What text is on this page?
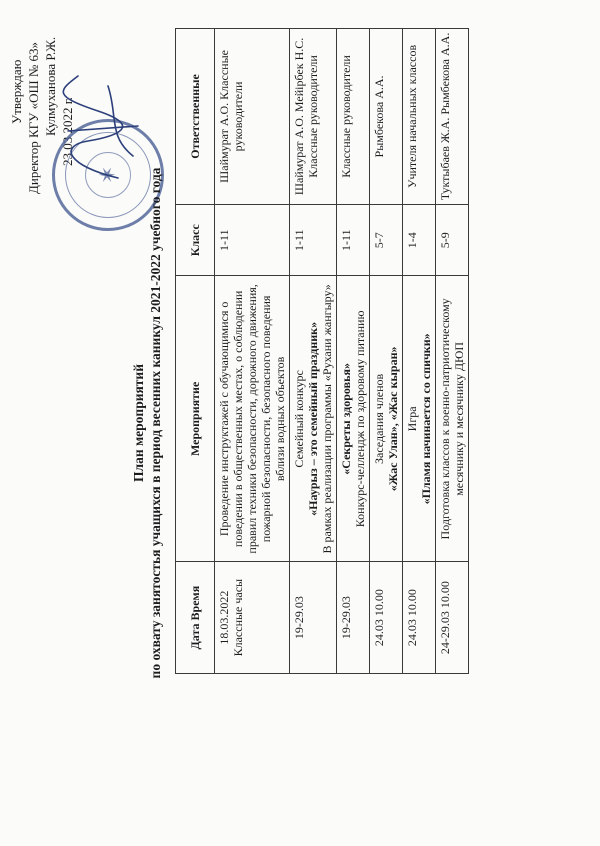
Утверждаю Директор КГУ «ОШ № 63» Кулмуханова Р.Ж. 23 03 2022 г.
✶
План мероприятий по охвату занятостья учащихся в период весенних каникул 2021-2022 учебного года Дата Время	Мероприятие	Класс	Ответственные
18.03.2022 Классные часы	Проведение инструктажей с обучающимися о поведении в общественных местах, о соблюдении правил техники безопасности, дорожного движения, пожарной безопасности, безопасного поведения вблизи водных объектов	1-11	Шаймурат А.О. Классные руководители
19-29.03	Семейный конкурс «Наурыз – это семейный праздник» В рамках реализации программы «Рухани жангыру»	1-11	Шаймурат А.О. Мейірбек Н.С. Классные руководители
19-29.03	«Секреты здоровья» Конкурс-челлендж по здоровому питанию	1-11	Классные руководители
24.03 10.00	Заседания членов «Жас Улан», «Жас кыран»	5-7	Рымбекова А.А.
24.03 10.00	Игра «Пламя начинается со спички»	1-4	Учителя начальных классов
24-29.03 10.00	Подготовка классов к военно-патриотическому месячнику и месячнику ДЮП	5-9	Туктыбаев Ж.А. Рымбекова А.А.
